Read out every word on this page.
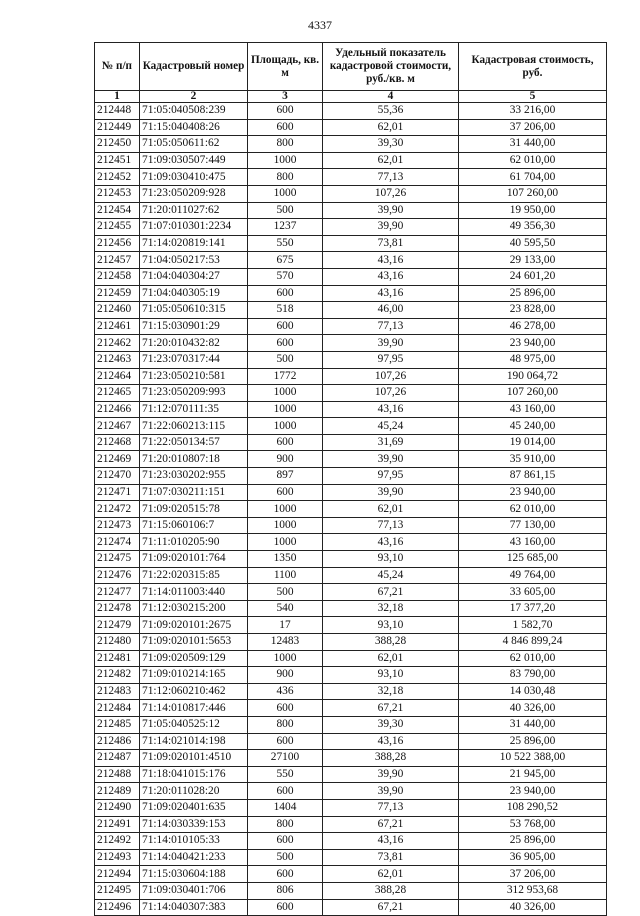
4337
№ п/п	Кадастровый номер	Площадь, кв. м	Удельный показатель кадастровой стоимости, руб./кв. м	Кадастровая стоимость, руб.
1	2	3	4	5
212448	71:05:040508:239	600	55,36	33 216,00
212449	71:15:040408:26	600	62,01	37 206,00
212450	71:05:050611:62	800	39,30	31 440,00
212451	71:09:030507:449	1000	62,01	62 010,00
212452	71:09:030410:475	800	77,13	61 704,00
212453	71:23:050209:928	1000	107,26	107 260,00
212454	71:20:011027:62	500	39,90	19 950,00
212455	71:07:010301:2234	1237	39,90	49 356,30
212456	71:14:020819:141	550	73,81	40 595,50
212457	71:04:050217:53	675	43,16	29 133,00
212458	71:04:040304:27	570	43,16	24 601,20
212459	71:04:040305:19	600	43,16	25 896,00
212460	71:05:050610:315	518	46,00	23 828,00
212461	71:15:030901:29	600	77,13	46 278,00
212462	71:20:010432:82	600	39,90	23 940,00
212463	71:23:070317:44	500	97,95	48 975,00
212464	71:23:050210:581	1772	107,26	190 064,72
212465	71:23:050209:993	1000	107,26	107 260,00
212466	71:12:070111:35	1000	43,16	43 160,00
212467	71:22:060213:115	1000	45,24	45 240,00
212468	71:22:050134:57	600	31,69	19 014,00
212469	71:20:010807:18	900	39,90	35 910,00
212470	71:23:030202:955	897	97,95	87 861,15
212471	71:07:030211:151	600	39,90	23 940,00
212472	71:09:020515:78	1000	62,01	62 010,00
212473	71:15:060106:7	1000	77,13	77 130,00
212474	71:11:010205:90	1000	43,16	43 160,00
212475	71:09:020101:764	1350	93,10	125 685,00
212476	71:22:020315:85	1100	45,24	49 764,00
212477	71:14:011003:440	500	67,21	33 605,00
212478	71:12:030215:200	540	32,18	17 377,20
212479	71:09:020101:2675	17	93,10	1 582,70
212480	71:09:020101:5653	12483	388,28	4 846 899,24
212481	71:09:020509:129	1000	62,01	62 010,00
212482	71:09:010214:165	900	93,10	83 790,00
212483	71:12:060210:462	436	32,18	14 030,48
212484	71:14:010817:446	600	67,21	40 326,00
212485	71:05:040525:12	800	39,30	31 440,00
212486	71:14:021014:198	600	43,16	25 896,00
212487	71:09:020101:4510	27100	388,28	10 522 388,00
212488	71:18:041015:176	550	39,90	21 945,00
212489	71:20:011028:20	600	39,90	23 940,00
212490	71:09:020401:635	1404	77,13	108 290,52
212491	71:14:030339:153	800	67,21	53 768,00
212492	71:14:010105:33	600	43,16	25 896,00
212493	71:14:040421:233	500	73,81	36 905,00
212494	71:15:030604:188	600	62,01	37 206,00
212495	71:09:030401:706	806	388,28	312 953,68
212496	71:14:040307:383	600	67,21	40 326,00
